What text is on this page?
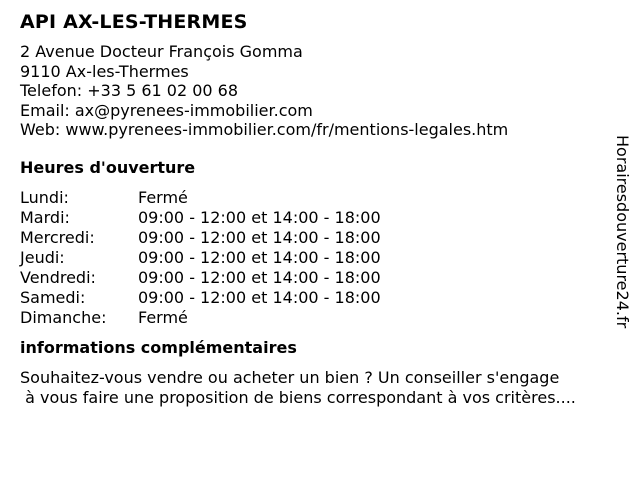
API AX-LES-THERMES
2 Avenue Docteur François Gomma
9110 Ax-les-Thermes
Telefon: +33 5 61 02 00 68
Email: ax@pyrenees-immobilier.com
Web: www.pyrenees-immobilier.com/fr/mentions-legales.htm
Heures d'ouverture
Lundi:	Fermé
Mardi:	09:00 - 12:00 et 14:00 - 18:00
Mercredi:	09:00 - 12:00 et 14:00 - 18:00
Jeudi:	09:00 - 12:00 et 14:00 - 18:00
Vendredi:	09:00 - 12:00 et 14:00 - 18:00
Samedi:	09:00 - 12:00 et 14:00 - 18:00
Dimanche:	Fermé
informations complémentaires
Souhaitez-vous vendre ou acheter un bien ? Un conseiller s'engage
à vous faire une proposition de biens correspondant à vos critères....
Horairesdouverture24.fr
